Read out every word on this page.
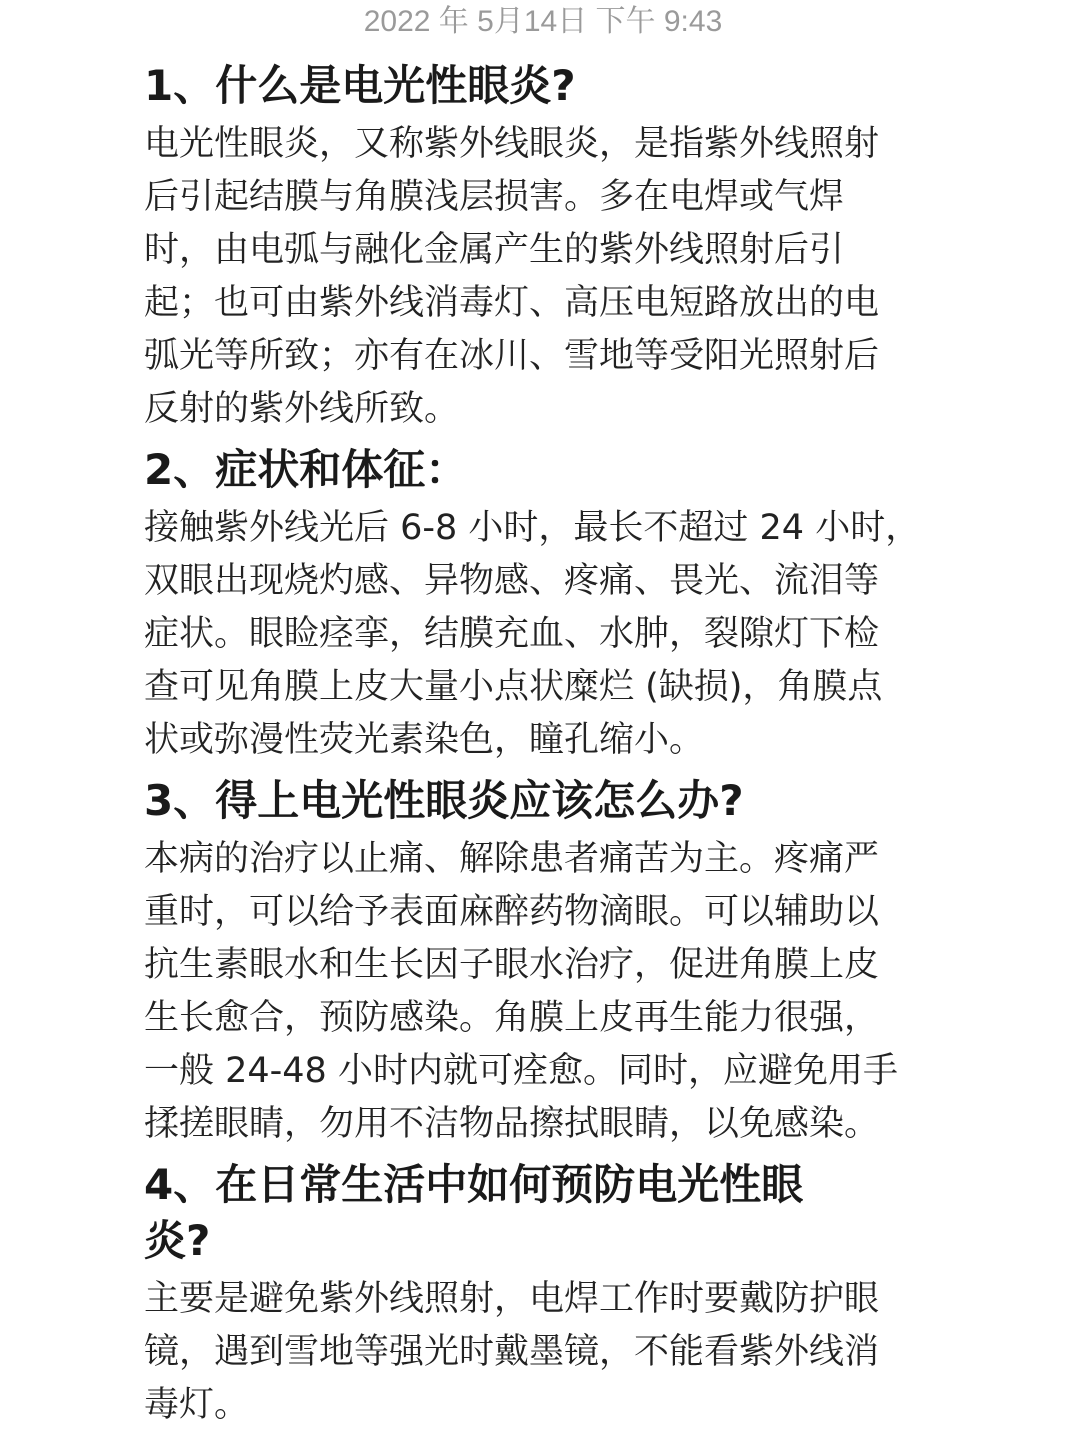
2022 年 5月14日 下午 9:43
1、什么是电光性眼炎?
电光性眼炎，又称紫外线眼炎，是指紫外线照射
后引起结膜与角膜浅层损害。多在电焊或气焊
时，由电弧与融化金属产生的紫外线照射后引
起；也可由紫外线消毒灯、高压电短路放出的电
弧光等所致；亦有在冰川、雪地等受阳光照射后
反射的紫外线所致。
2、症状和体征：
接触紫外线光后 6-8 小时，最长不超过 24 小时，
双眼出现烧灼感、异物感、疼痛、畏光、流泪等
症状。眼睑痉挛，结膜充血、水肿，裂隙灯下检
查可见角膜上皮大量小点状糜烂 (缺损)，角膜点
状或弥漫性荧光素染色，瞳孔缩小。
3、得上电光性眼炎应该怎么办?
本病的治疗以止痛、解除患者痛苦为主。疼痛严
重时，可以给予表面麻醉药物滴眼。可以辅助以
抗生素眼水和生长因子眼水治疗，促进角膜上皮
生长愈合，预防感染。角膜上皮再生能力很强，
一般 24-48 小时内就可痊愈。同时，应避免用手
揉搓眼睛，勿用不洁物品擦拭眼睛，以免感染。
4、在日常生活中如何预防电光性眼
炎?
主要是避免紫外线照射，电焊工作时要戴防护眼
镜，遇到雪地等强光时戴墨镜，不能看紫外线消
毒灯。
